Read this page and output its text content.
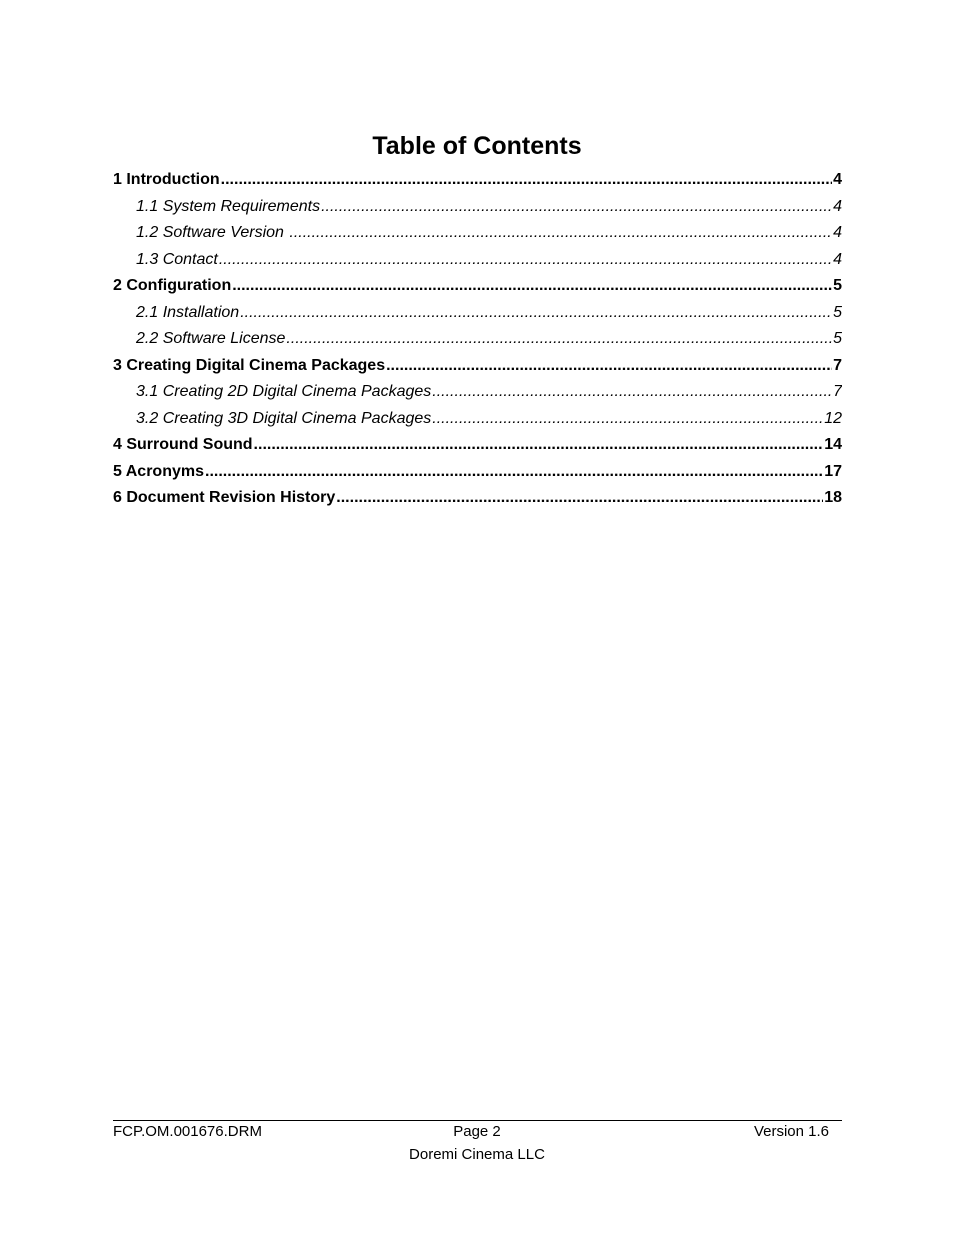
Table of Contents
1 Introduction .....	4
1.1 System Requirements .....	4
1.2 Software Version .....	4
1.3 Contact .....	4
2 Configuration .....	5
2.1 Installation .....	5
2.2 Software License .....	5
3 Creating Digital Cinema Packages .....	7
3.1 Creating 2D Digital Cinema Packages .....	7
3.2 Creating 3D Digital Cinema Packages .....	12
4 Surround Sound .....	14
5 Acronyms .....	17
6 Document Revision History .....	18
FCP.OM.001676.DRM	Page 2	Version 1.6
Doremi Cinema LLC
